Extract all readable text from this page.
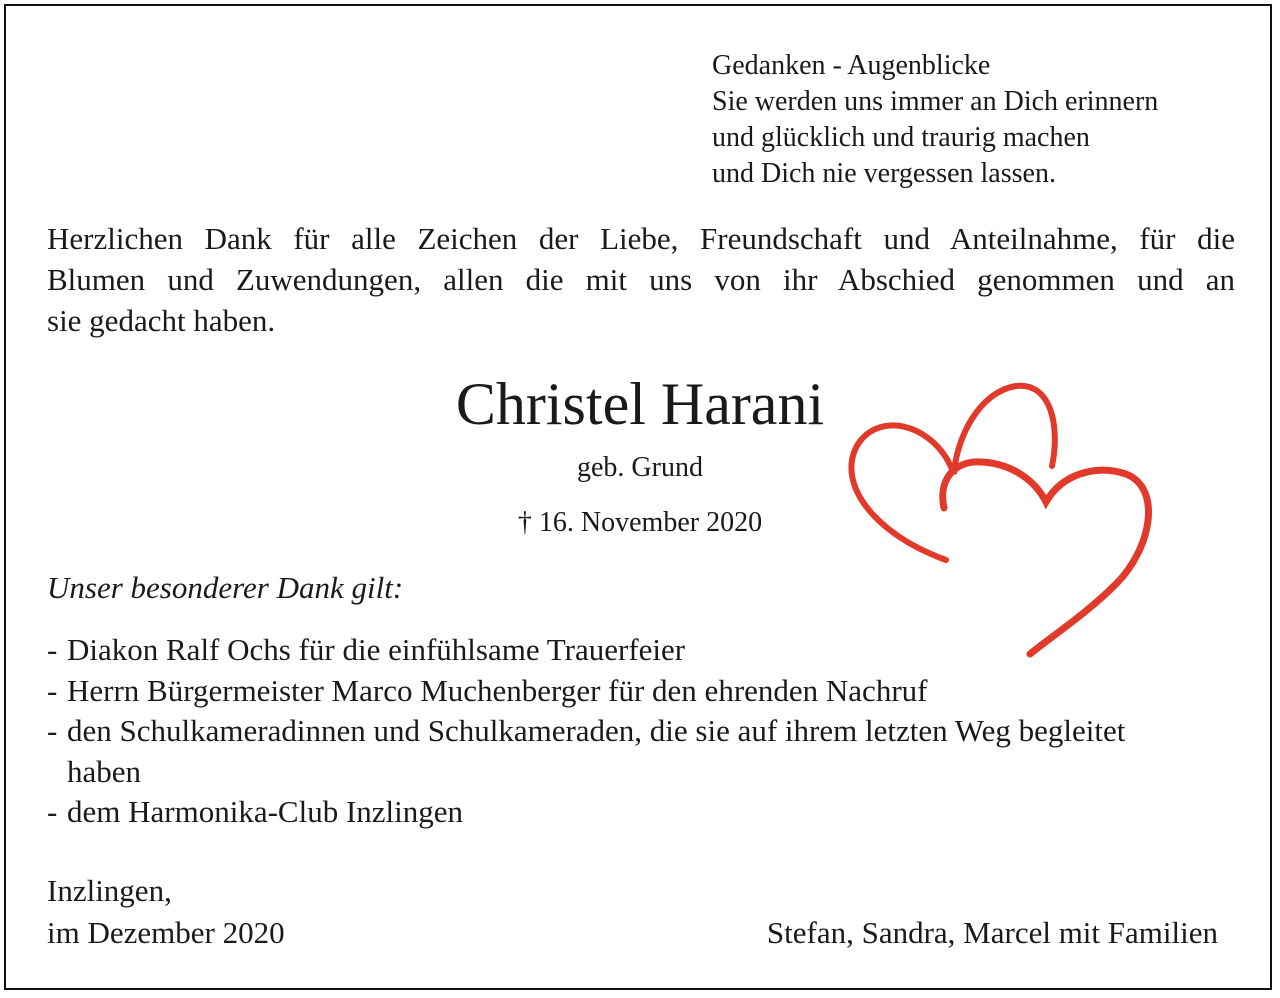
Gedanken - Augenblicke
Sie werden uns immer an Dich erinnern
und glücklich und traurig machen
und Dich nie vergessen lassen.
Herzlichen Dank für alle Zeichen der Liebe, Freundschaft und Anteilnahme, für die
Blumen und Zuwendungen, allen die mit uns von ihr Abschied genommen und an
sie gedacht haben.
Christel Harani
geb. Grund
† 16. November 2020
Unser besonderer Dank gilt:
- Diakon Ralf Ochs für die einfühlsame Trauerfeier
- Herrn Bürgermeister Marco Muchenberger für den ehrenden Nachruf
- den Schulkameradinnen und Schulkameraden, die sie auf ihrem letzten Weg begleitet haben
- dem Harmonika-Club Inzlingen
Inzlingen,
im Dezember 2020	Stefan, Sandra, Marcel mit Familien
